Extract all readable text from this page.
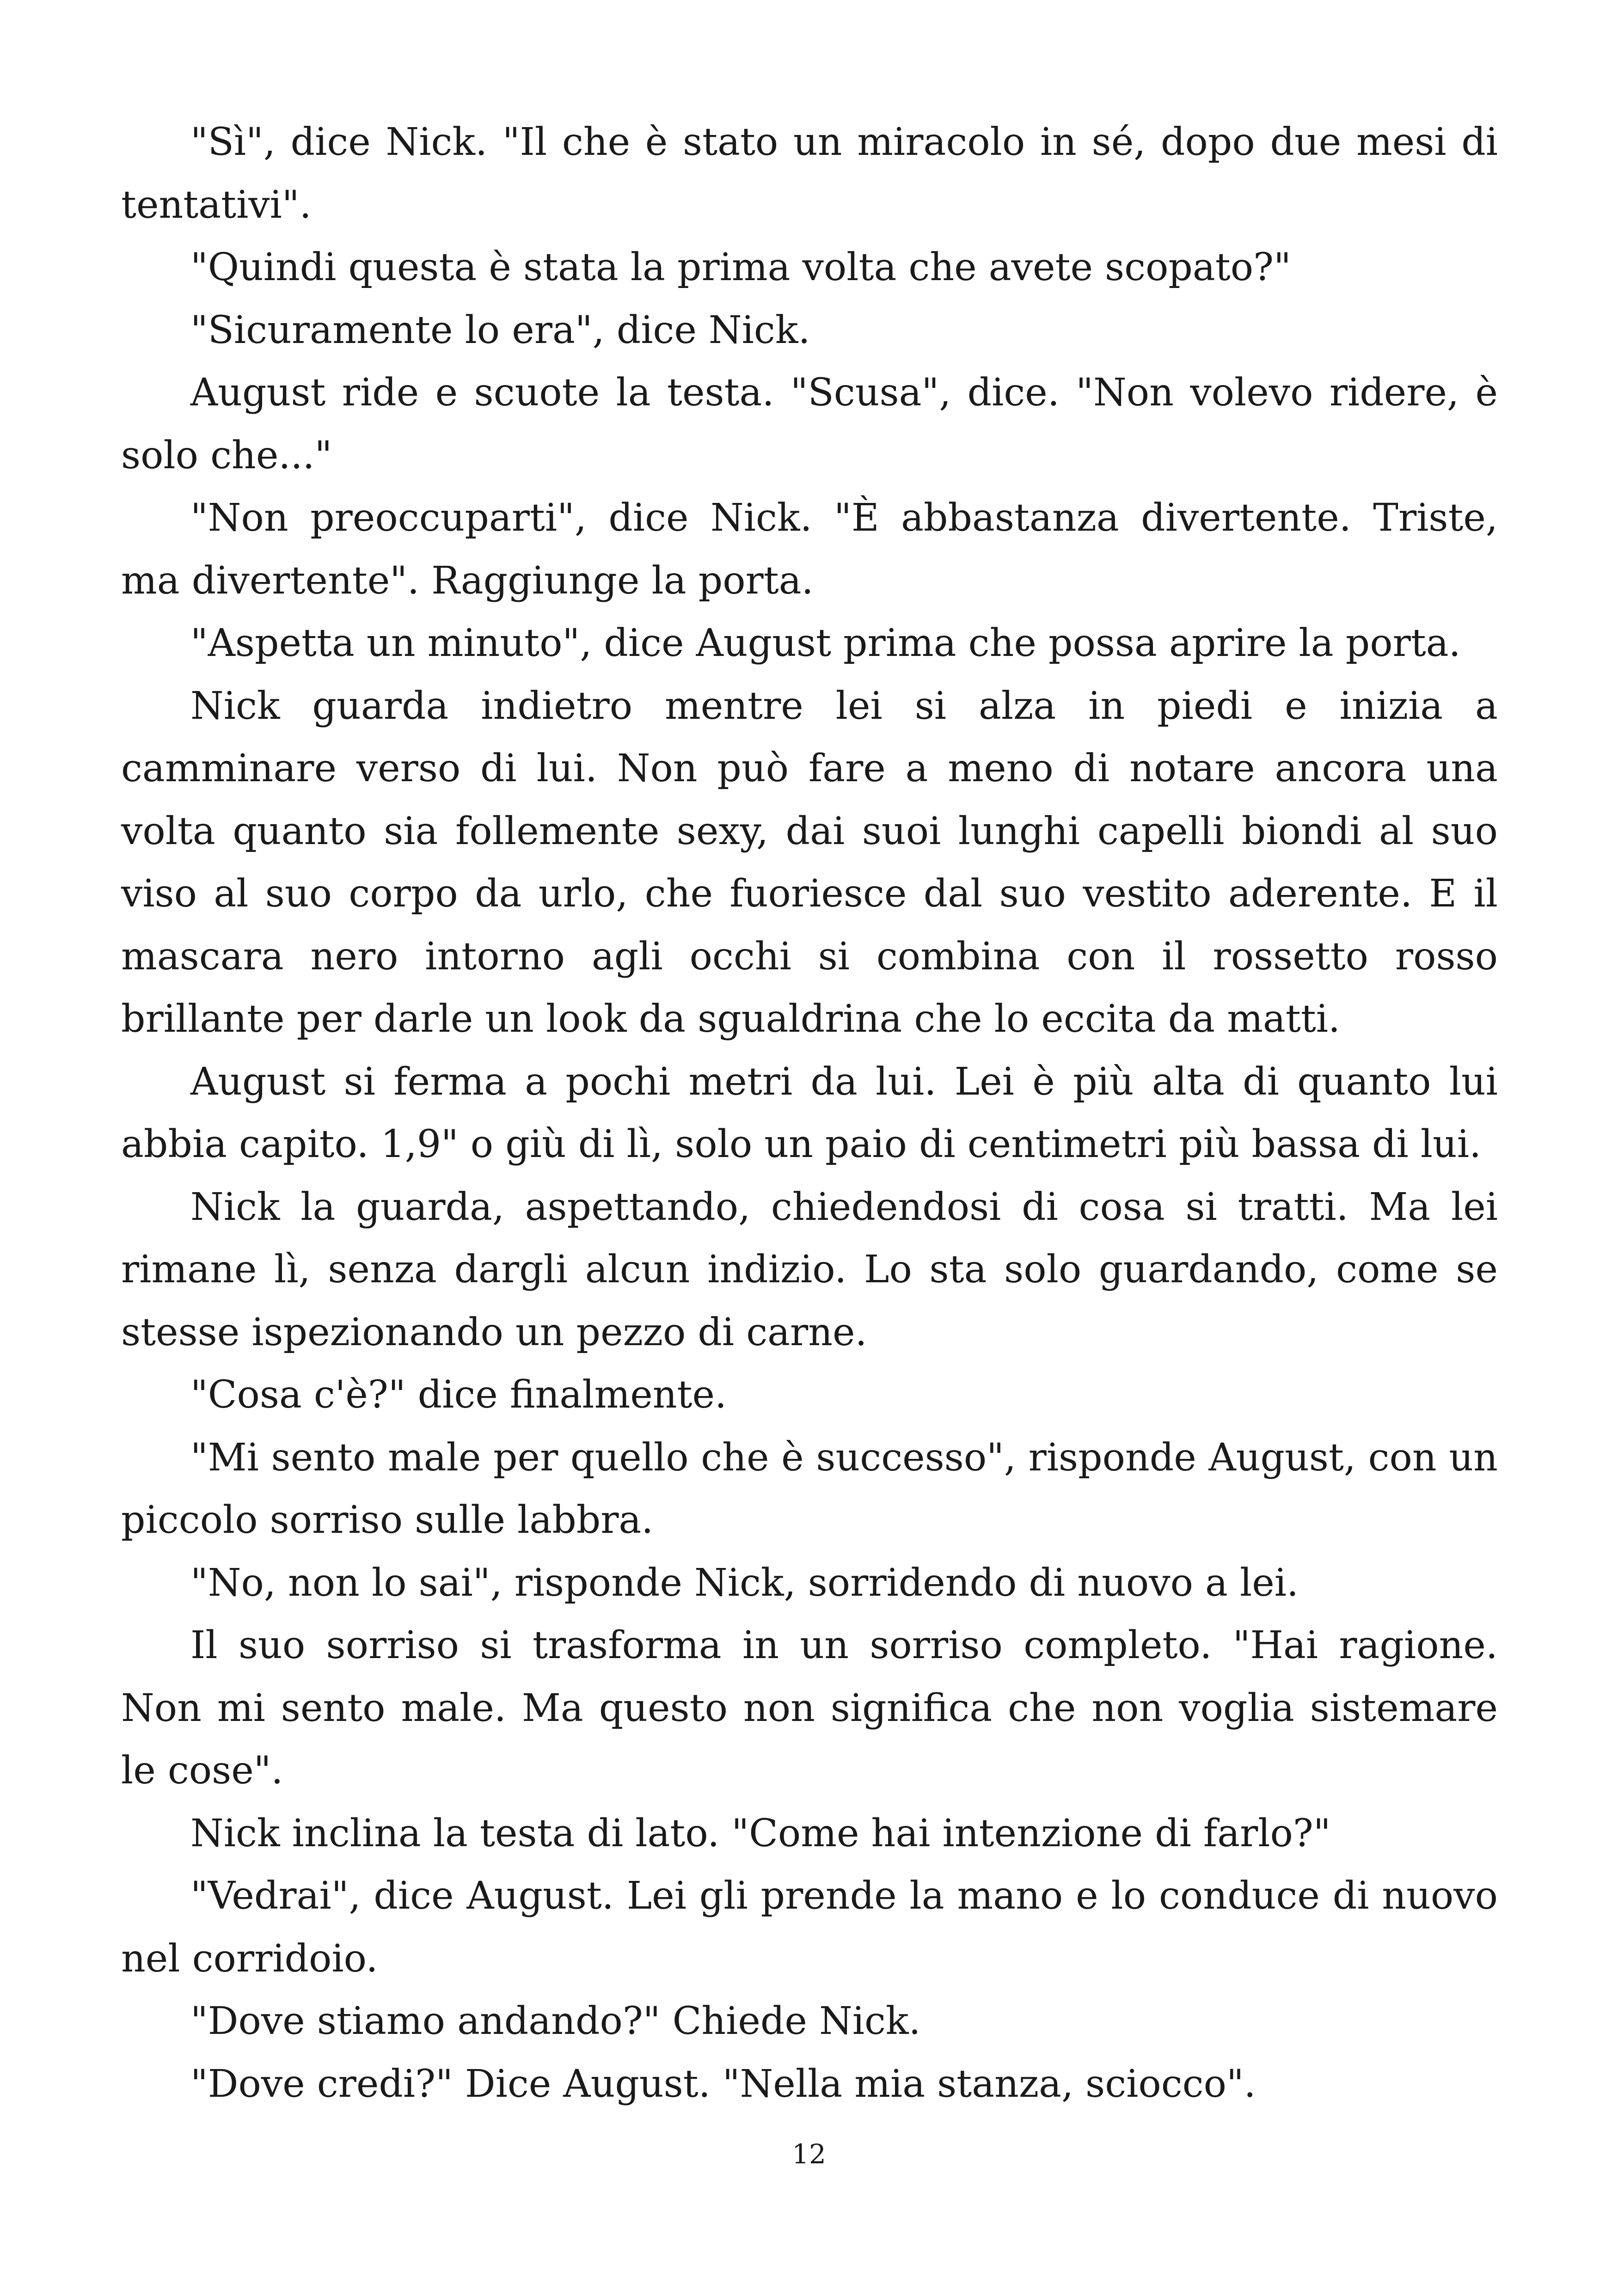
"Sì", dice Nick. "Il che è stato un miracolo in sé, dopo due mesi di tentativi".

"Quindi questa è stata la prima volta che avete scopato?"

"Sicuramente lo era", dice Nick.

August ride e scuote la testa. "Scusa", dice. "Non volevo ridere, è solo che..."

"Non preoccuparti", dice Nick. "È abbastanza divertente. Triste, ma divertente". Raggiunge la porta.

"Aspetta un minuto", dice August prima che possa aprire la porta.

Nick guarda indietro mentre lei si alza in piedi e inizia a camminare verso di lui. Non può fare a meno di notare ancora una volta quanto sia follemente sexy, dai suoi lunghi capelli biondi al suo viso al suo corpo da urlo, che fuoriesce dal suo vestito aderente. E il mascara nero intorno agli occhi si combina con il rossetto rosso brillante per darle un look da sgualdrina che lo eccita da matti.

August si ferma a pochi metri da lui. Lei è più alta di quanto lui abbia capito. 1,9" o giù di lì, solo un paio di centimetri più bassa di lui.

Nick la guarda, aspettando, chiedendosi di cosa si tratti. Ma lei rimane lì, senza dargli alcun indizio. Lo sta solo guardando, come se stesse ispezionando un pezzo di carne.

"Cosa c'è?" dice finalmente.

"Mi sento male per quello che è successo", risponde August, con un piccolo sorriso sulle labbra.

"No, non lo sai", risponde Nick, sorridendo di nuovo a lei.

Il suo sorriso si trasforma in un sorriso completo. "Hai ragione. Non mi sento male. Ma questo non significa che non voglia sistemare le cose".

Nick inclina la testa di lato. "Come hai intenzione di farlo?"

"Vedrai", dice August. Lei gli prende la mano e lo conduce di nuovo nel corridoio.

"Dove stiamo andando?" Chiede Nick.

"Dove credi?" Dice August. "Nella mia stanza, sciocco".

12
